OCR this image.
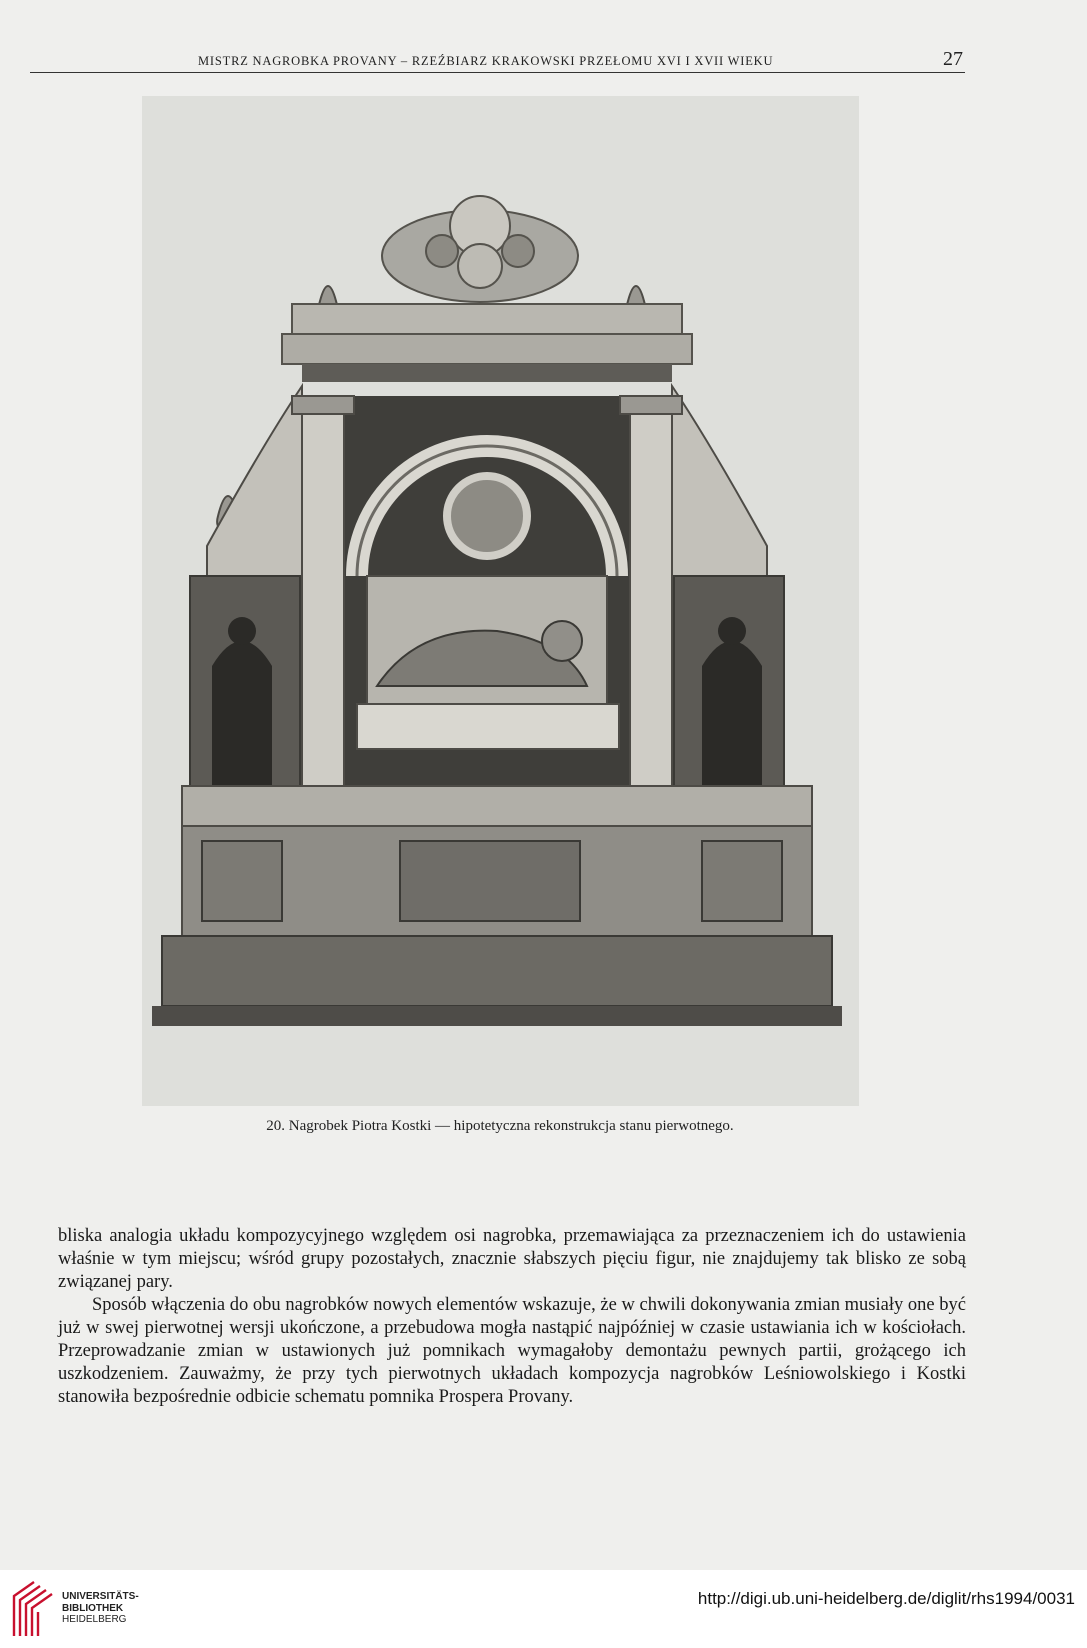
MISTRZ NAGROBKA PROVANY – RZEŹBIARZ KRAKOWSKI PRZEŁOMU XVI I XVII WIEKU	27
20. Nagrobek Piotra Kostki — hipotetyczna rekonstrukcja stanu pierwotnego.

bliska analogia układu kompozycyjnego względem osi nagrobka, przemawiająca za przeznaczeniem ich do ustawienia właśnie w tym miejscu; wśród grupy pozostałych, znacznie słabszych pięciu figur, nie znajdujemy tak blisko ze sobą związanej pary.

Sposób włączenia do obu nagrobków nowych elementów wskazuje, że w chwili dokonywania zmian musiały one być już w swej pierwotnej wersji ukończone, a przebudowa mogła nastąpić najpóźniej w czasie ustawiania ich w kościołach. Przeprowadzanie zmian w ustawionych już pomnikach wymagałoby demontażu pewnych partii, grożącego ich uszkodzeniem. Zauważmy, że przy tych pierwotnych układach kompozycja nagrobków Leśniowolskiego i Kostki stanowiła bezpośrednie odbicie schematu pomnika Prospera Provany.

UNIVERSITÄTS-
BIBLIOTHEK
HEIDELBERG
http://digi.ub.uni-heidelberg.de/diglit/rhs1994/0031
